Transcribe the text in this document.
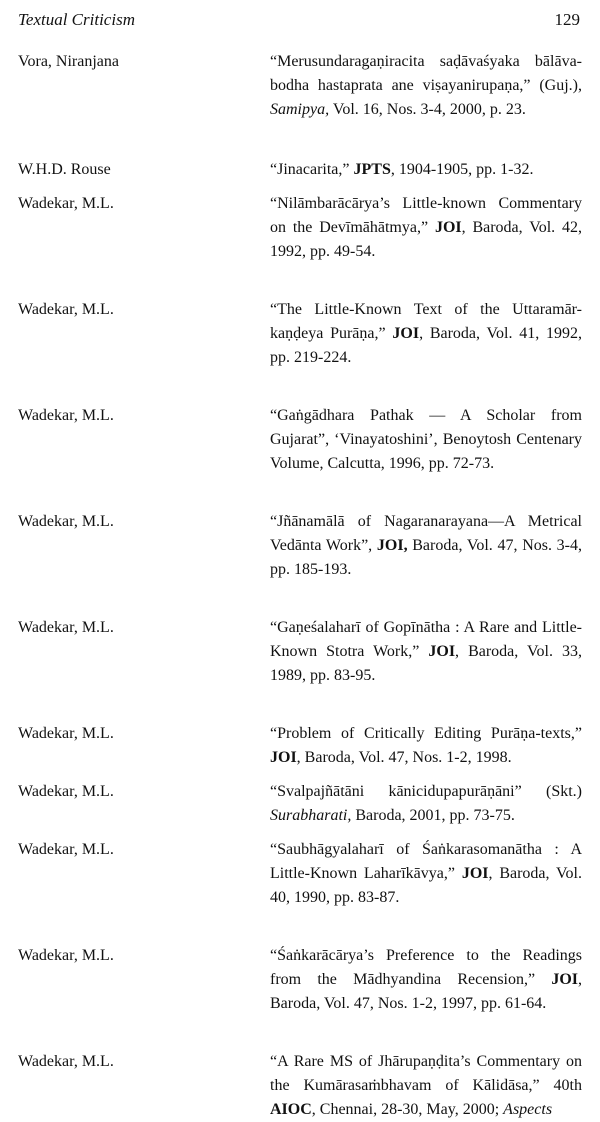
Textual Criticism	129
Vora, Niranjana	“Merusundaragaṇiracita saḍāvaśyaka bālāva-bodha hastaprata ane viṣayanirupaṇa,” (Guj.), Samipya, Vol. 16, Nos. 3-4, 2000, p. 23.
W.H.D. Rouse	“Jinacarita,” JPTS, 1904-1905, pp. 1-32.
Wadekar, M.L.	“Nilāmbarācārya’s Little-known Commentary on the Devīmāhātmya,” JOI, Baroda, Vol. 42, 1992, pp. 49-54.
Wadekar, M.L.	“The Little-Known Text of the Uttaramār-kaṇḍeya Purāṇa,” JOI, Baroda, Vol. 41, 1992, pp. 219-224.
Wadekar, M.L.	“Gaṅgādhara Pathak — A Scholar from Gujarat”, ‘Vinayatoshini’, Benoytosh Centenary Volume, Calcutta, 1996, pp. 72-73.
Wadekar, M.L.	“Jñānamālā of Nagaranarayana—A Metrical Vedānta Work”, JOI, Baroda, Vol. 47, Nos. 3-4, pp. 185-193.
Wadekar, M.L.	“Gaṇeśalaharī of Gopīnātha : A Rare and Little-Known Stotra Work,” JOI, Baroda, Vol. 33, 1989, pp. 83-95.
Wadekar, M.L.	“Problem of Critically Editing Purāṇa-texts,” JOI, Baroda, Vol. 47, Nos. 1-2, 1998.
Wadekar, M.L.	“Svalpajñātāni kānicidupapurāṇāni” (Skt.) Surabharati, Baroda, 2001, pp. 73-75.
Wadekar, M.L.	“Saubhāgyalaharī of Śaṅkarasomanātha : A Little-Known Laharīkāvya,” JOI, Baroda, Vol. 40, 1990, pp. 83-87.
Wadekar, M.L.	“Śaṅkarācārya’s Preference to the Readings from the Mādhyandina Recension,” JOI, Baroda, Vol. 47, Nos. 1-2, 1997, pp. 61-64.
Wadekar, M.L.	“A Rare MS of Jhārupaṇḍita’s Commentary on the Kumārasaṁbhavam of Kālidāsa,” 40th AIOC, Chennai, 28-30, May, 2000; Aspects
